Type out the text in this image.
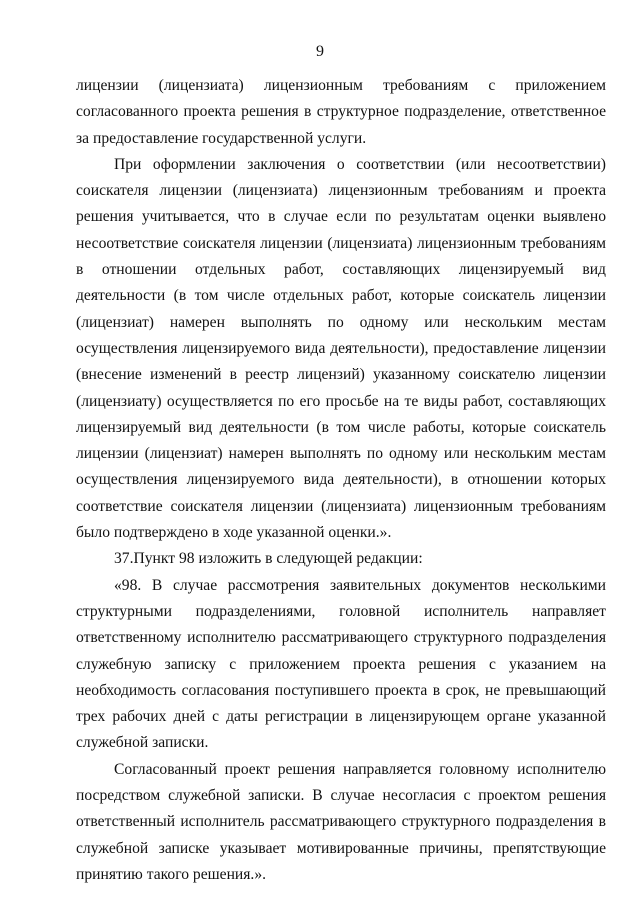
9

лицензии (лицензиата) лицензионным требованиям с приложением согласованного проекта решения в структурное подразделение, ответственное за предоставление государственной услуги.

При оформлении заключения о соответствии (или несоответствии) соискателя лицензии (лицензиата) лицензионным требованиям и проекта решения учитывается, что в случае если по результатам оценки выявлено несоответствие соискателя лицензии (лицензиата) лицензионным требованиям в отношении отдельных работ, составляющих лицензируемый вид деятельности (в том числе отдельных работ, которые соискатель лицензии (лицензиат) намерен выполнять по одному или нескольким местам осуществления лицензируемого вида деятельности), предоставление лицензии (внесение изменений в реестр лицензий) указанному соискателю лицензии (лицензиату) осуществляется по его просьбе на те виды работ, составляющих лицензируемый вид деятельности (в том числе работы, которые соискатель лицензии (лицензиат) намерен выполнять по одному или нескольким местам осуществления лицензируемого вида деятельности), в отношении которых соответствие соискателя лицензии (лицензиата) лицензионным требованиям было подтверждено в ходе указанной оценки.».

37.Пункт 98 изложить в следующей редакции:

«98. В случае рассмотрения заявительных документов несколькими структурными подразделениями, головной исполнитель направляет ответственному исполнителю рассматривающего структурного подразделения служебную записку с приложением проекта решения с указанием на необходимость согласования поступившего проекта в срок, не превышающий трех рабочих дней с даты регистрации в лицензирующем органе указанной служебной записки.

Согласованный проект решения направляется головному исполнителю посредством служебной записки. В случае несогласия с проектом решения ответственный исполнитель рассматривающего структурного подразделения в служебной записке указывает мотивированные причины, препятствующие принятию такого решения.».
